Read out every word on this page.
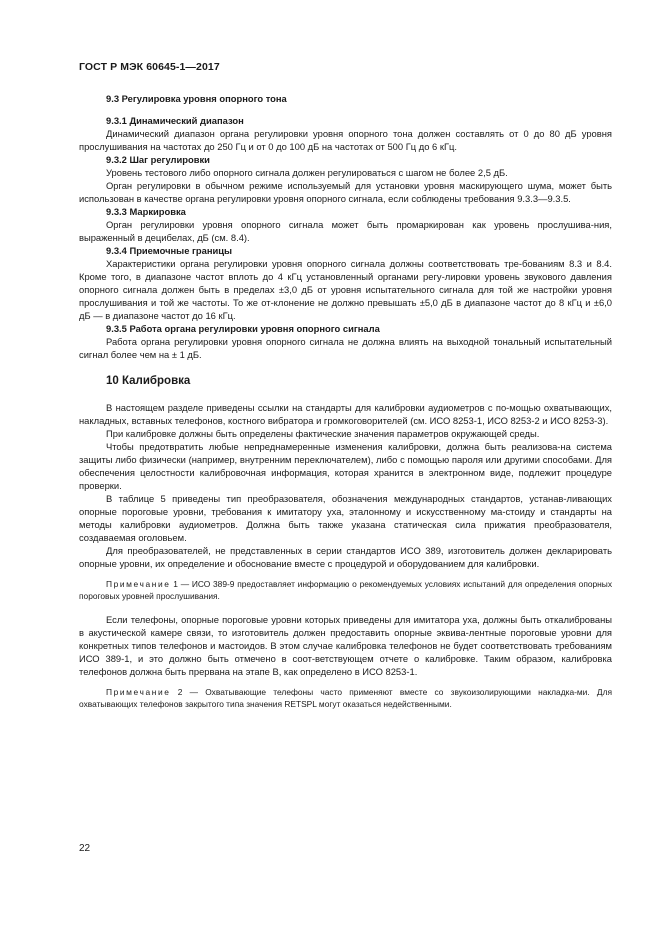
ГОСТ Р МЭК 60645-1—2017
9.3 Регулировка уровня опорного тона
9.3.1 Динамический диапазон

Динамический диапазон органа регулировки уровня опорного тона должен составлять от 0 до 80 дБ уровня прослушивания на частотах до 250 Гц и от 0 до 100 дБ на частотах от 500 Гц до 6 кГц.

9.3.2 Шаг регулировки

Уровень тестового либо опорного сигнала должен регулироваться с шагом не более 2,5 дБ.

Орган регулировки в обычном режиме используемый для установки уровня маскирующего шума, может быть использован в качестве органа регулировки уровня опорного сигнала, если соблюдены требования 9.3.3—9.3.5.

9.3.3 Маркировка

Орган регулировки уровня опорного сигнала может быть промаркирован как уровень прослушива-ния, выраженный в децибелах, дБ (см. 8.4).

9.3.4 Приемочные границы

Характеристики органа регулировки уровня опорного сигнала должны соответствовать тре-бованиям 8.3 и 8.4. Кроме того, в диапазоне частот вплоть до 4 кГц установленный органами регу-лировки уровень звукового давления опорного сигнала должен быть в пределах ±3,0 дБ от уровня испытательного сигнала для той же настройки уровня прослушивания и той же частоты. То же от-клонение не должно превышать ±5,0 дБ в диапазоне частот до 8 кГц и ±6,0 дБ — в диапазоне частот до 16 кГц.

9.3.5 Работа органа регулировки уровня опорного сигнала

Работа органа регулировки уровня опорного сигнала не должна влиять на выходной тональный испытательный сигнал более чем на ± 1 дБ.

10 Калибровка

В настоящем разделе приведены ссылки на стандарты для калибровки аудиометров с по-мощью охватывающих, накладных, вставных телефонов, костного вибратора и громкоговорителей (см. ИСО 8253-1, ИСО 8253-2 и ИСО 8253-3).

При калибровке должны быть определены фактические значения параметров окружающей среды.

Чтобы предотвратить любые непреднамеренные изменения калибровки, должна быть реализова-на система защиты либо физически (например, внутренним переключателем), либо с помощью пароля или другими способами. Для обеспечения целостности калибровочная информация, которая хранится в электронном виде, подлежит процедуре проверки.

В таблице 5 приведены тип преобразователя, обозначения международных стандартов, устанав-ливающих опорные пороговые уровни, требования к имитатору уха, эталонному и искусственному ма-стоиду и стандарты на методы калибровки аудиометров. Должна быть также указана статическая сила прижатия преобразователя, создаваемая оголовьем.

Для преобразователей, не представленных в серии стандартов ИСО 389, изготовитель должен декларировать опорные уровни, их определение и обоснование вместе с процедурой и оборудованием для калибровки.

Примечание 1 — ИСО 389-9 предоставляет информацию о рекомендуемых условиях испытаний для определения опорных пороговых уровней прослушивания.

Если телефоны, опорные пороговые уровни которых приведены для имитатора уха, должны быть откалиброваны в акустической камере связи, то изготовитель должен предоставить опорные эквива-лентные пороговые уровни для конкретных типов телефонов и мастоидов. В этом случае калибровка телефонов не будет соответствовать требованиям ИСО 389-1, и это должно быть отмечено в соот-ветствующем отчете о калибровке. Таким образом, калибровка телефонов должна быть прервана на этапе В, как определено в ИСО 8253-1.

Примечание 2 — Охватывающие телефоны часто применяют вместе со звукоизолирующими накладка-ми. Для охватывающих телефонов закрытого типа значения RETSPL могут оказаться недейственными.
22
